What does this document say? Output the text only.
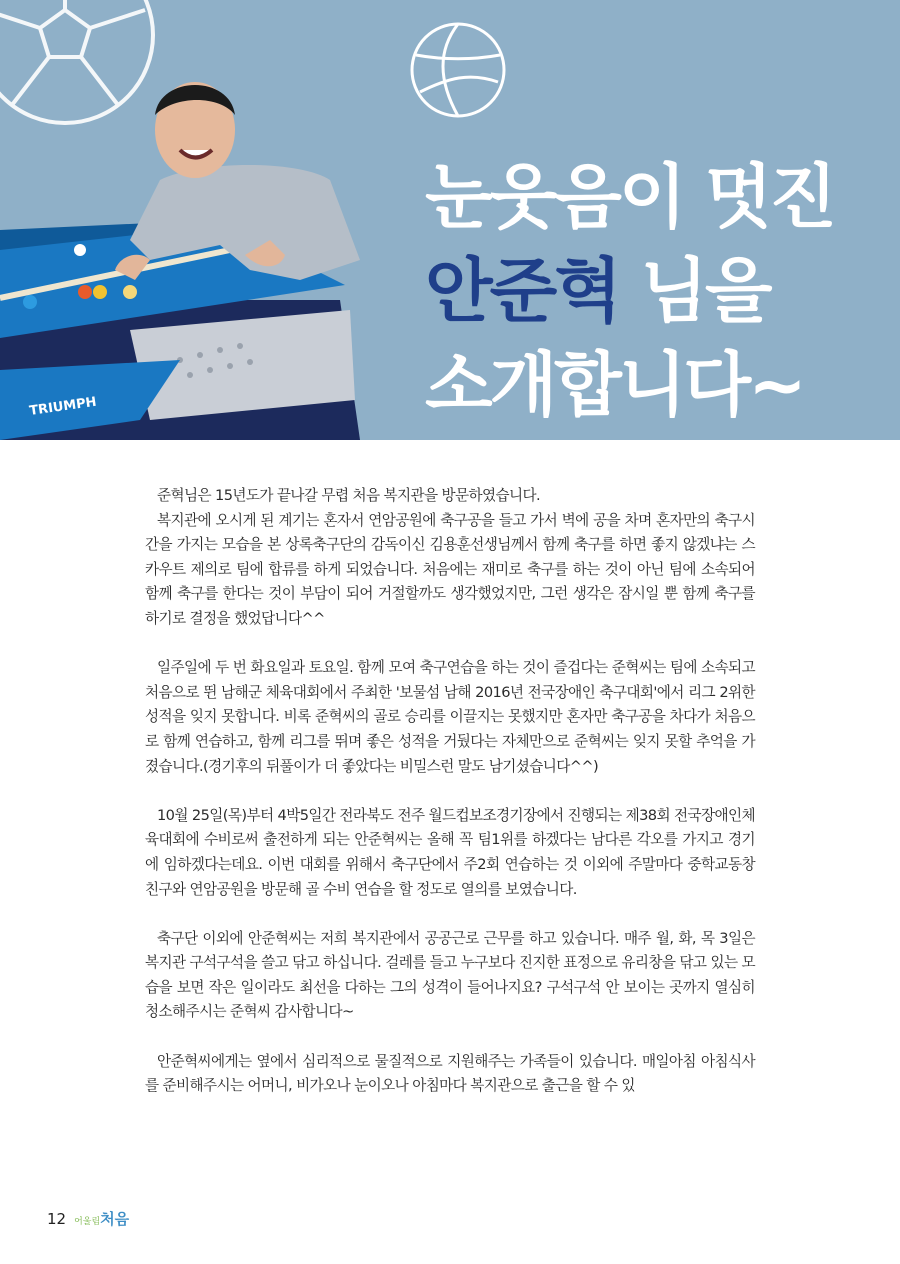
TRIUMPH
눈웃음이 멋진
안준혁 님을
소개합니다~

준혁님은 15년도가 끝나갈 무렵 처음 복지관을 방문하였습니다.

복지관에 오시게 된 계기는 혼자서 연암공원에 축구공을 들고 가서 벽에 공을 차며 혼자만의 축구시간을 가지는 모습을 본 상록축구단의 감독이신 김용훈선생님께서 함께 축구를 하면 좋지 않겠냐는 스카우트 제의로 팀에 합류를 하게 되었습니다. 처음에는 재미로 축구를 하는 것이 아닌 팀에 소속되어 함께 축구를 한다는 것이 부담이 되어 거절할까도 생각했었지만, 그런 생각은 잠시일 뿐 함께 축구를 하기로 결정을 했었답니다^^

일주일에 두 번 화요일과 토요일. 함께 모여 축구연습을 하는 것이 즐겁다는 준혁씨는 팀에 소속되고 처음으로 뛴 남해군 체육대회에서 주최한 '보물섬 남해 2016년 전국장애인 축구대회'에서 리그 2위한 성적을 잊지 못합니다. 비록 준혁씨의 골로 승리를 이끌지는 못했지만 혼자만 축구공을 차다가 처음으로 함께 연습하고, 함께 리그를 뛰며 좋은 성적을 거뒀다는 자체만으로 준혁씨는 잊지 못할 추억을 가졌습니다.(경기후의 뒤풀이가 더 좋았다는 비밀스런 말도 남기셨습니다^^)

10월 25일(목)부터 4박5일간 전라북도 전주 월드컵보조경기장에서 진행되는 제38회 전국장애인체육대회에 수비로써 출전하게 되는 안준혁씨는 올해 꼭 팀1위를 하겠다는 남다른 각오를 가지고 경기에 임하겠다는데요. 이번 대회를 위해서 축구단에서 주2회 연습하는 것 이외에 주말마다 중학교동창 친구와 연암공원을 방문해 골 수비 연습을 할 정도로 열의를 보였습니다.

축구단 이외에 안준혁씨는 저희 복지관에서 공공근로 근무를 하고 있습니다. 매주 월, 화, 목 3일은 복지관 구석구석을 쓸고 닦고 하십니다. 걸레를 들고 누구보다 진지한 표정으로 유리창을 닦고 있는 모습을 보면 작은 일이라도 최선을 다하는 그의 성격이 들어나지요? 구석구석 안 보이는 곳까지 열심히 청소해주시는 준혁씨 감사합니다~

안준혁씨에게는 옆에서 심리적으로 물질적으로 지원해주는 가족들이 있습니다. 매일아침 아침식사를 준비해주시는 어머니, 비가오나 눈이오나 아침마다 복지관으로 출근을 할 수 있

12 어울림 처음
